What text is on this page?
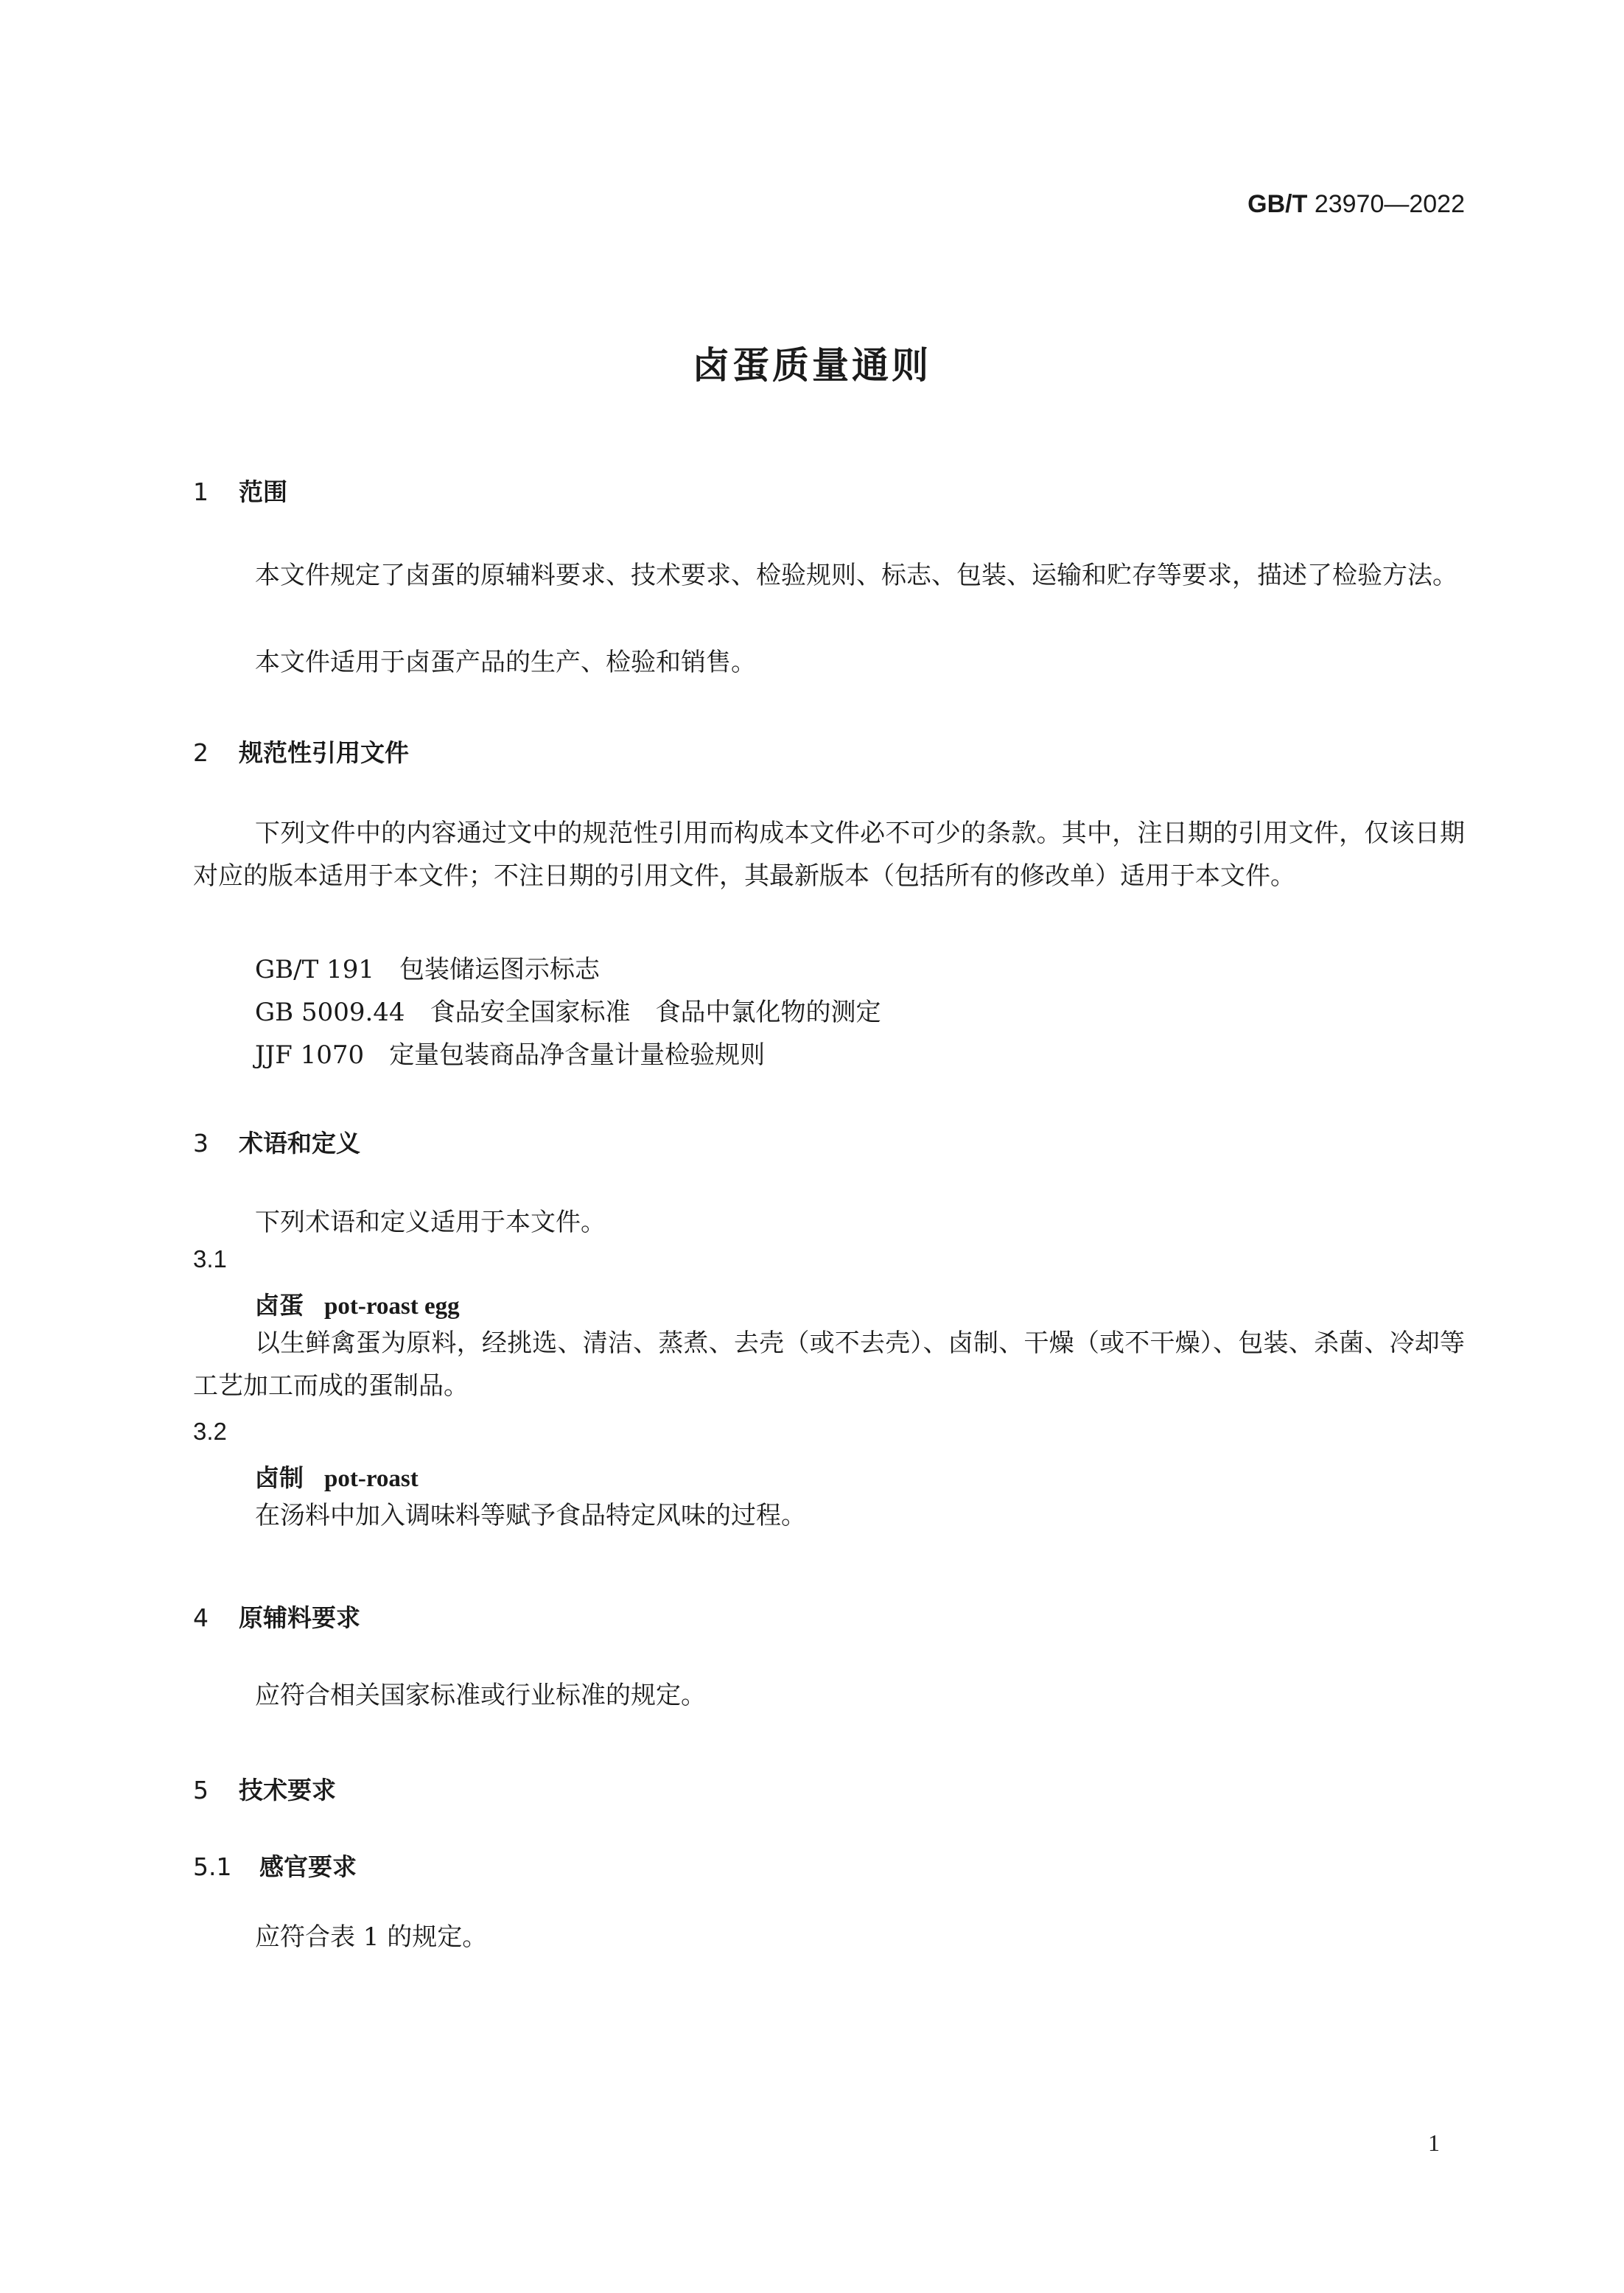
GB/T 23970—2022
卤蛋质量通则
1 范围
本文件规定了卤蛋的原辅料要求、技术要求、检验规则、标志、包装、运输和贮存等要求，描述了检验方法。
本文件适用于卤蛋产品的生产、检验和销售。
2 规范性引用文件
下列文件中的内容通过文中的规范性引用而构成本文件必不可少的条款。其中，注日期的引用文件，仅该日期对应的版本适用于本文件；不注日期的引用文件，其最新版本（包括所有的修改单）适用于本文件。
GB/T 191 包装储运图示标志
GB 5009.44 食品安全国家标准　食品中氯化物的测定
JJF 1070 定量包装商品净含量计量检验规则
3 术语和定义
下列术语和定义适用于本文件。
3.1
卤蛋 pot-roast egg
以生鲜禽蛋为原料，经挑选、清洁、蒸煮、去壳（或不去壳）、卤制、干燥（或不干燥）、包装、杀菌、冷却等工艺加工而成的蛋制品。
3.2
卤制 pot-roast
在汤料中加入调味料等赋予食品特定风味的过程。
4 原辅料要求
应符合相关国家标准或行业标准的规定。
5 技术要求
5.1 感官要求
应符合表 1 的规定。
1
